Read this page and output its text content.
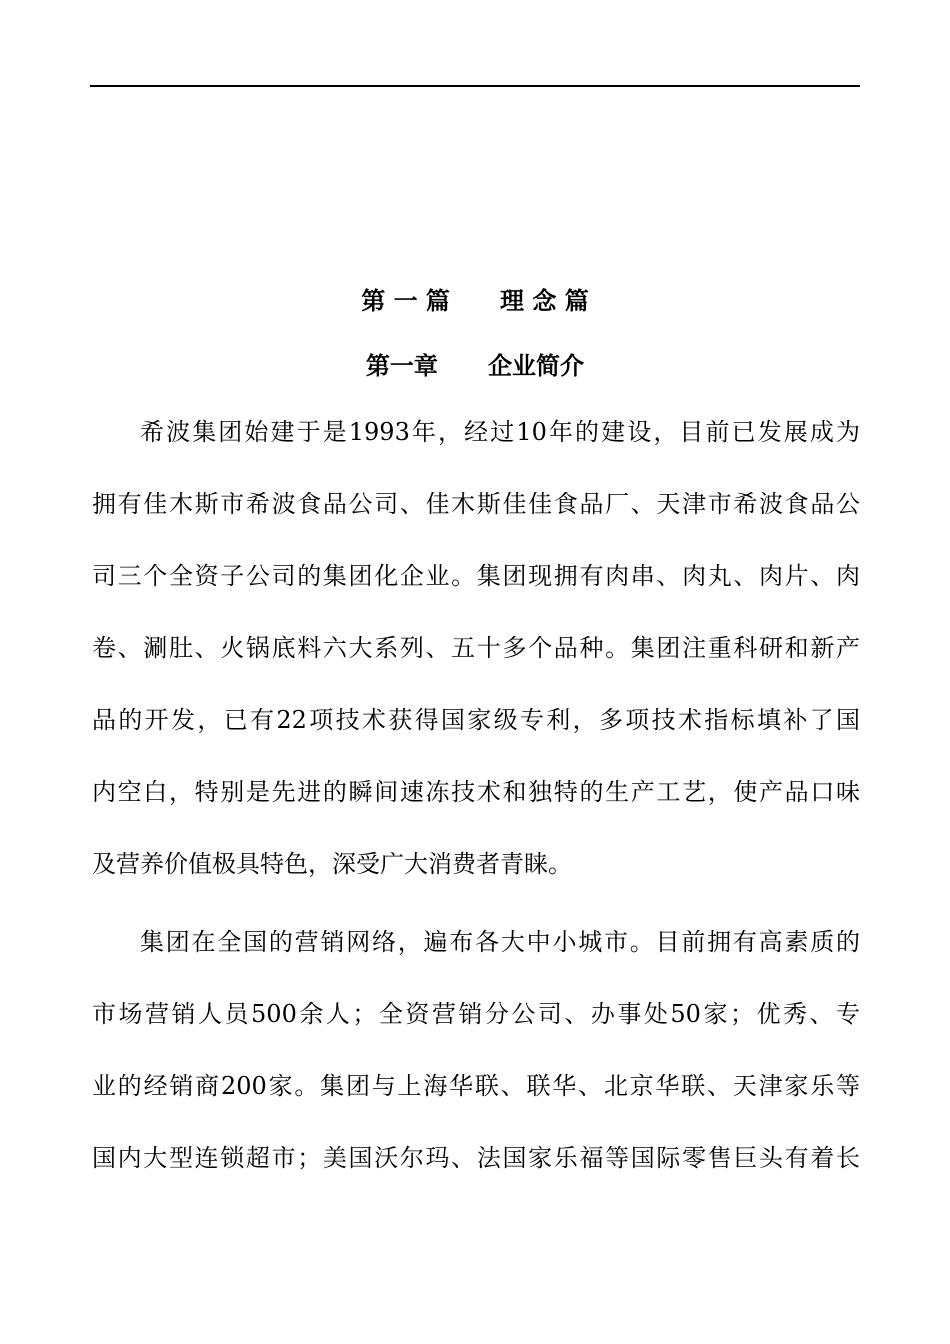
第 一 篇      理 念 篇
第一章      企业简介
希波集团始建于是1993年，经过10年的建设，目前已发展成为
拥有佳木斯市希波食品公司、佳木斯佳佳食品厂、天津市希波食品公
司三个全资子公司的集团化企业。集团现拥有肉串、肉丸、肉片、肉
卷、涮肚、火锅底料六大系列、五十多个品种。集团注重科研和新产
品的开发，已有22项技术获得国家级专利，多项技术指标填补了国
内空白，特别是先进的瞬间速冻技术和独特的生产工艺，使产品口味
及营养价值极具特色，深受广大消费者青睐。
集团在全国的营销网络，遍布各大中小城市。目前拥有高素质的
市场营销人员500余人；全资营销分公司、办事处50家；优秀、专
业的经销商200家。集团与上海华联、联华、北京华联、天津家乐等
国内大型连锁超市；美国沃尔玛、法国家乐福等国际零售巨头有着长
